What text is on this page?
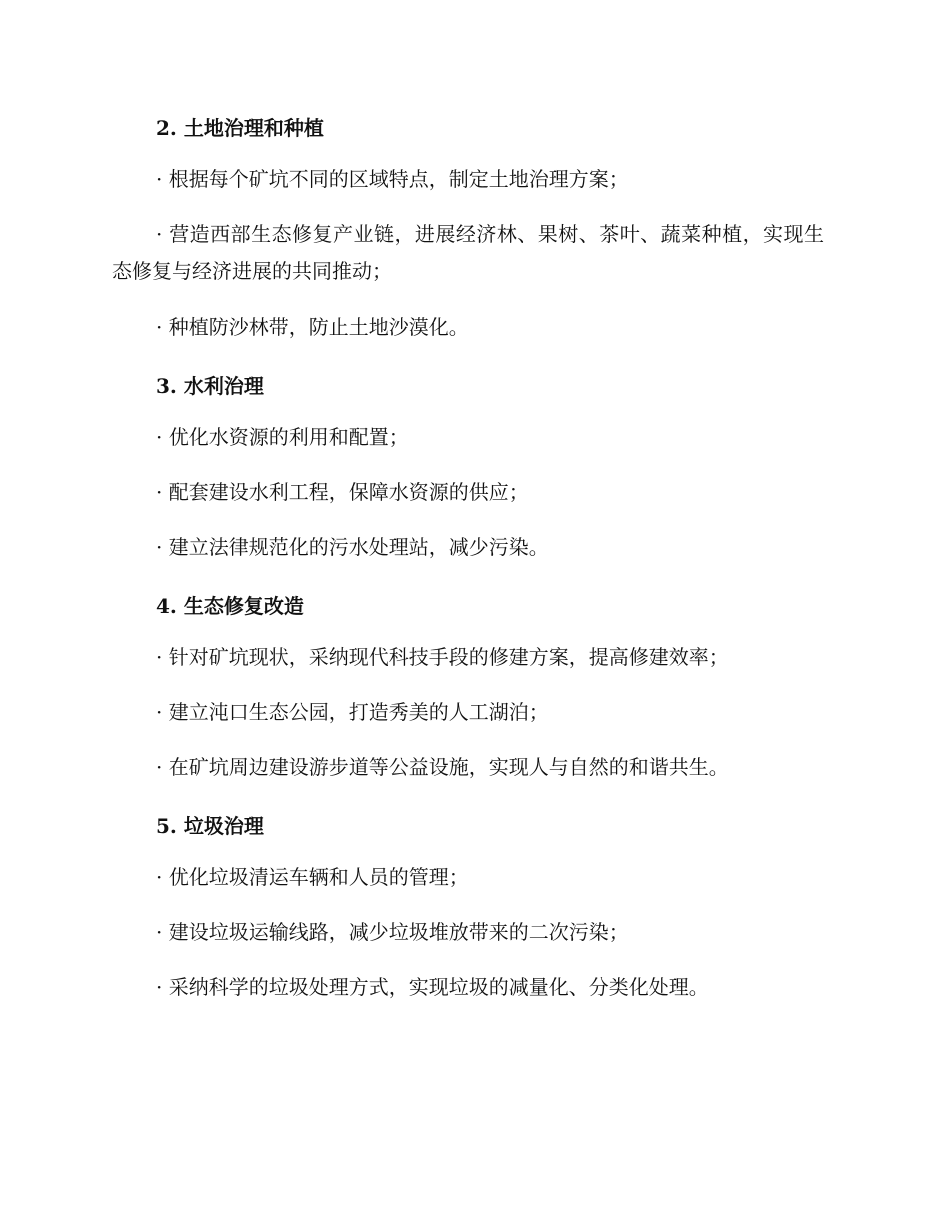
2. 土地治理和种植

· 根据每个矿坑不同的区域特点，制定土地治理方案；

· 营造西部生态修复产业链，进展经济林、果树、茶叶、蔬菜种植，实现生态修复与经济进展的共同推动；

· 种植防沙林带，防止土地沙漠化。

3. 水利治理

· 优化水资源的利用和配置；

· 配套建设水利工程，保障水资源的供应；

· 建立法律规范化的污水处理站，减少污染。

4. 生态修复改造

· 针对矿坑现状，采纳现代科技手段的修建方案，提高修建效率；

· 建立沌口生态公园，打造秀美的人工湖泊；

· 在矿坑周边建设游步道等公益设施，实现人与自然的和谐共生。

5. 垃圾治理

· 优化垃圾清运车辆和人员的管理；

· 建设垃圾运输线路，减少垃圾堆放带来的二次污染；

· 采纳科学的垃圾处理方式，实现垃圾的减量化、分类化处理。
